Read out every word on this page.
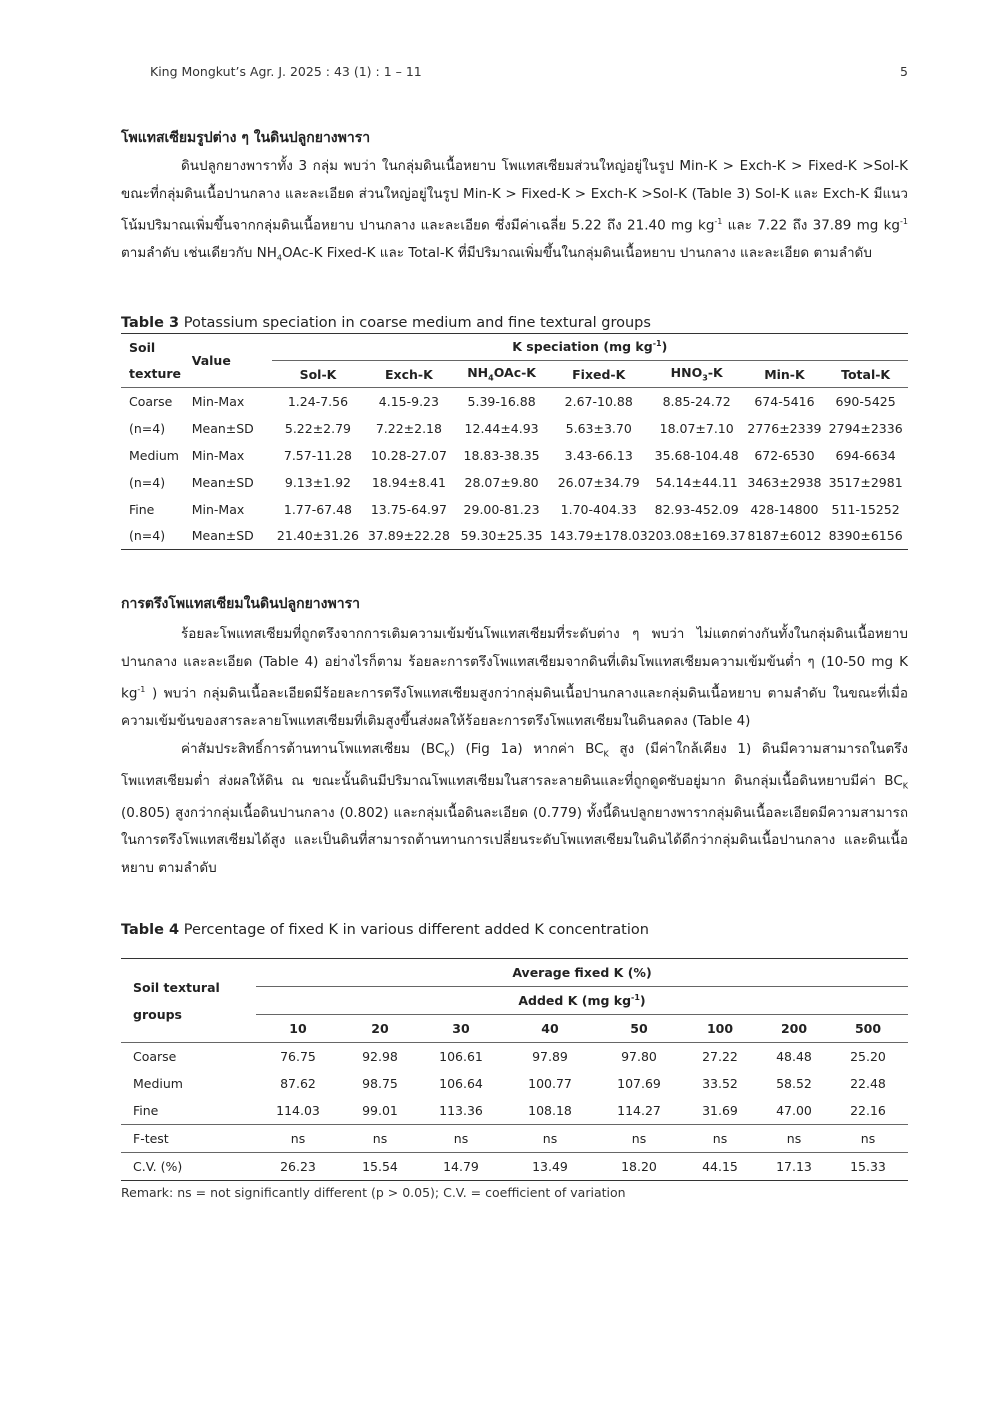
King Mongkut’s Agr. J. 2025 : 43 (1) : 1 – 11	5
โพแทสเซียมรูปต่าง ๆ ในดินปลูกยางพารา

ดินปลูกยางพาราทั้ง 3 กลุ่ม พบว่า ในกลุ่มดินเนื้อหยาบ โพแทสเซียมส่วนใหญ่อยู่ในรูป Min-K > Exch-K > Fixed-K >Sol-K ขณะที่กลุ่มดินเนื้อปานกลาง และละเอียด ส่วนใหญ่อยู่ในรูป Min-K > Fixed-K > Exch-K >Sol-K (Table 3) Sol-K และ Exch-K มีแนวโน้มปริมาณเพิ่มขึ้นจากกลุ่มดินเนื้อหยาบ ปานกลาง และละเอียด ซึ่งมีค่าเฉลี่ย 5.22 ถึง 21.40 mg $kg^{-1}$ และ 7.22 ถึง 37.89 mg $kg^{-1}$ ตามลำดับ เช่นเดียวกับ $NH_4OAc-K$ Fixed-K และ Total-K ที่มีปริมาณเพิ่มขึ้นในกลุ่มดินเนื้อหยาบ ปานกลาง และละเอียด ตามลำดับ

Table 3 Potassium speciation in coarse medium and fine textural groups
Soil	Value	K speciation (mg $kg^{-1}$)						
texture		Sol-K	Exch-K	$NH_4OAc-K$	Fixed-K	$HNO_3-K$	Min-K	Total-K
Coarse	Min-Max	1.24-7.56	4.15-9.23	5.39-16.88	2.67-10.88	8.85-24.72	674-5416	690-5425
(n=4)	Mean±SD	5.22±2.79	7.22±2.18	12.44±4.93	5.63±3.70	18.07±7.10	2776±2339	2794±2336
Medium	Min-Max	7.57-11.28	10.28-27.07	18.83-38.35	3.43-66.13	35.68-104.48	672-6530	694-6634
(n=4)	Mean±SD	9.13±1.92	18.94±8.41	28.07±9.80	26.07±34.79	54.14±44.11	3463±2938	3517±2981
Fine	Min-Max	1.77-67.48	13.75-64.97	29.00-81.23	1.70-404.33	82.93-452.09	428-14800	511-15252
(n=4)	Mean±SD	21.40±31.26	37.89±22.28	59.30±25.35	143.79±178.03	203.08±169.37	8187±6012	8390±6156
การตรึงโพแทสเซียมในดินปลูกยางพารา

ร้อยละโพแทสเซียมที่ถูกตรึงจากการเติมความเข้มข้นโพแทสเซียมที่ระดับต่าง ๆ พบว่า ไม่แตกต่างกันทั้งในกลุ่มดินเนื้อหยาบ ปานกลาง และละเอียด (Table 4) อย่างไรก็ตาม ร้อยละการตรึงโพแทสเซียมจากดินที่เติมโพแทสเซียมความเข้มข้นต่ำ ๆ (10-50 mg K $kg^{-1}$ ) พบว่า กลุ่มดินเนื้อละเอียดมีร้อยละการตรึงโพแทสเซียมสูงกว่ากลุ่มดินเนื้อปานกลางและกลุ่มดินเนื้อหยาบ ตามลำดับ ในขณะที่เมื่อความเข้มข้นของสารละลายโพแทสเซียมที่เติมสูงขึ้นส่งผลให้ร้อยละการตรึงโพแทสเซียมในดินลดลง (Table 4)

ค่าสัมประสิทธิ์การต้านทานโพแทสเซียม $(BC_K)$ (Fig 1a) หากค่า $BC_K$ สูง (มีค่าใกล้เคียง 1) ดินมีความสามารถในตรึงโพแทสเซียมต่ำ ส่งผลให้ดิน ณ ขณะนั้นดินมีปริมาณโพแทสเซียมในสารละลายดินและที่ถูกดูดซับอยู่มาก ดินกลุ่มเนื้อดินหยาบมีค่า $BC_K$ (0.805) สูงกว่ากลุ่มเนื้อดินปานกลาง (0.802) และกลุ่มเนื้อดินละเอียด (0.779) ทั้งนี้ดินปลูกยางพารากลุ่มดินเนื้อละเอียดมีความสามารถในการตรึงโพแทสเซียมได้สูง และเป็นดินที่สามารถต้านทานการเปลี่ยนระดับโพแทสเซียมในดินได้ดีกว่ากลุ่มดินเนื้อปานกลาง และดินเนื้อหยาบ ตามลำดับ

Table 4 Percentage of fixed K in various different added K concentration
Soil textural
groups	Average fixed K (%)							
	Added K (mg $kg^{-1}$)							
	10	20	30	40	50	100	200	500
Coarse	76.75	92.98	106.61	97.89	97.80	27.22	48.48	25.20
Medium	87.62	98.75	106.64	100.77	107.69	33.52	58.52	22.48
Fine	114.03	99.01	113.36	108.18	114.27	31.69	47.00	22.16
F-test	ns	ns	ns	ns	ns	ns	ns	ns
C.V. (%)	26.23	15.54	14.79	13.49	18.20	44.15	17.13	15.33
Remark: ns = not significantly different (p > 0.05); C.V. = coefficient of variation
